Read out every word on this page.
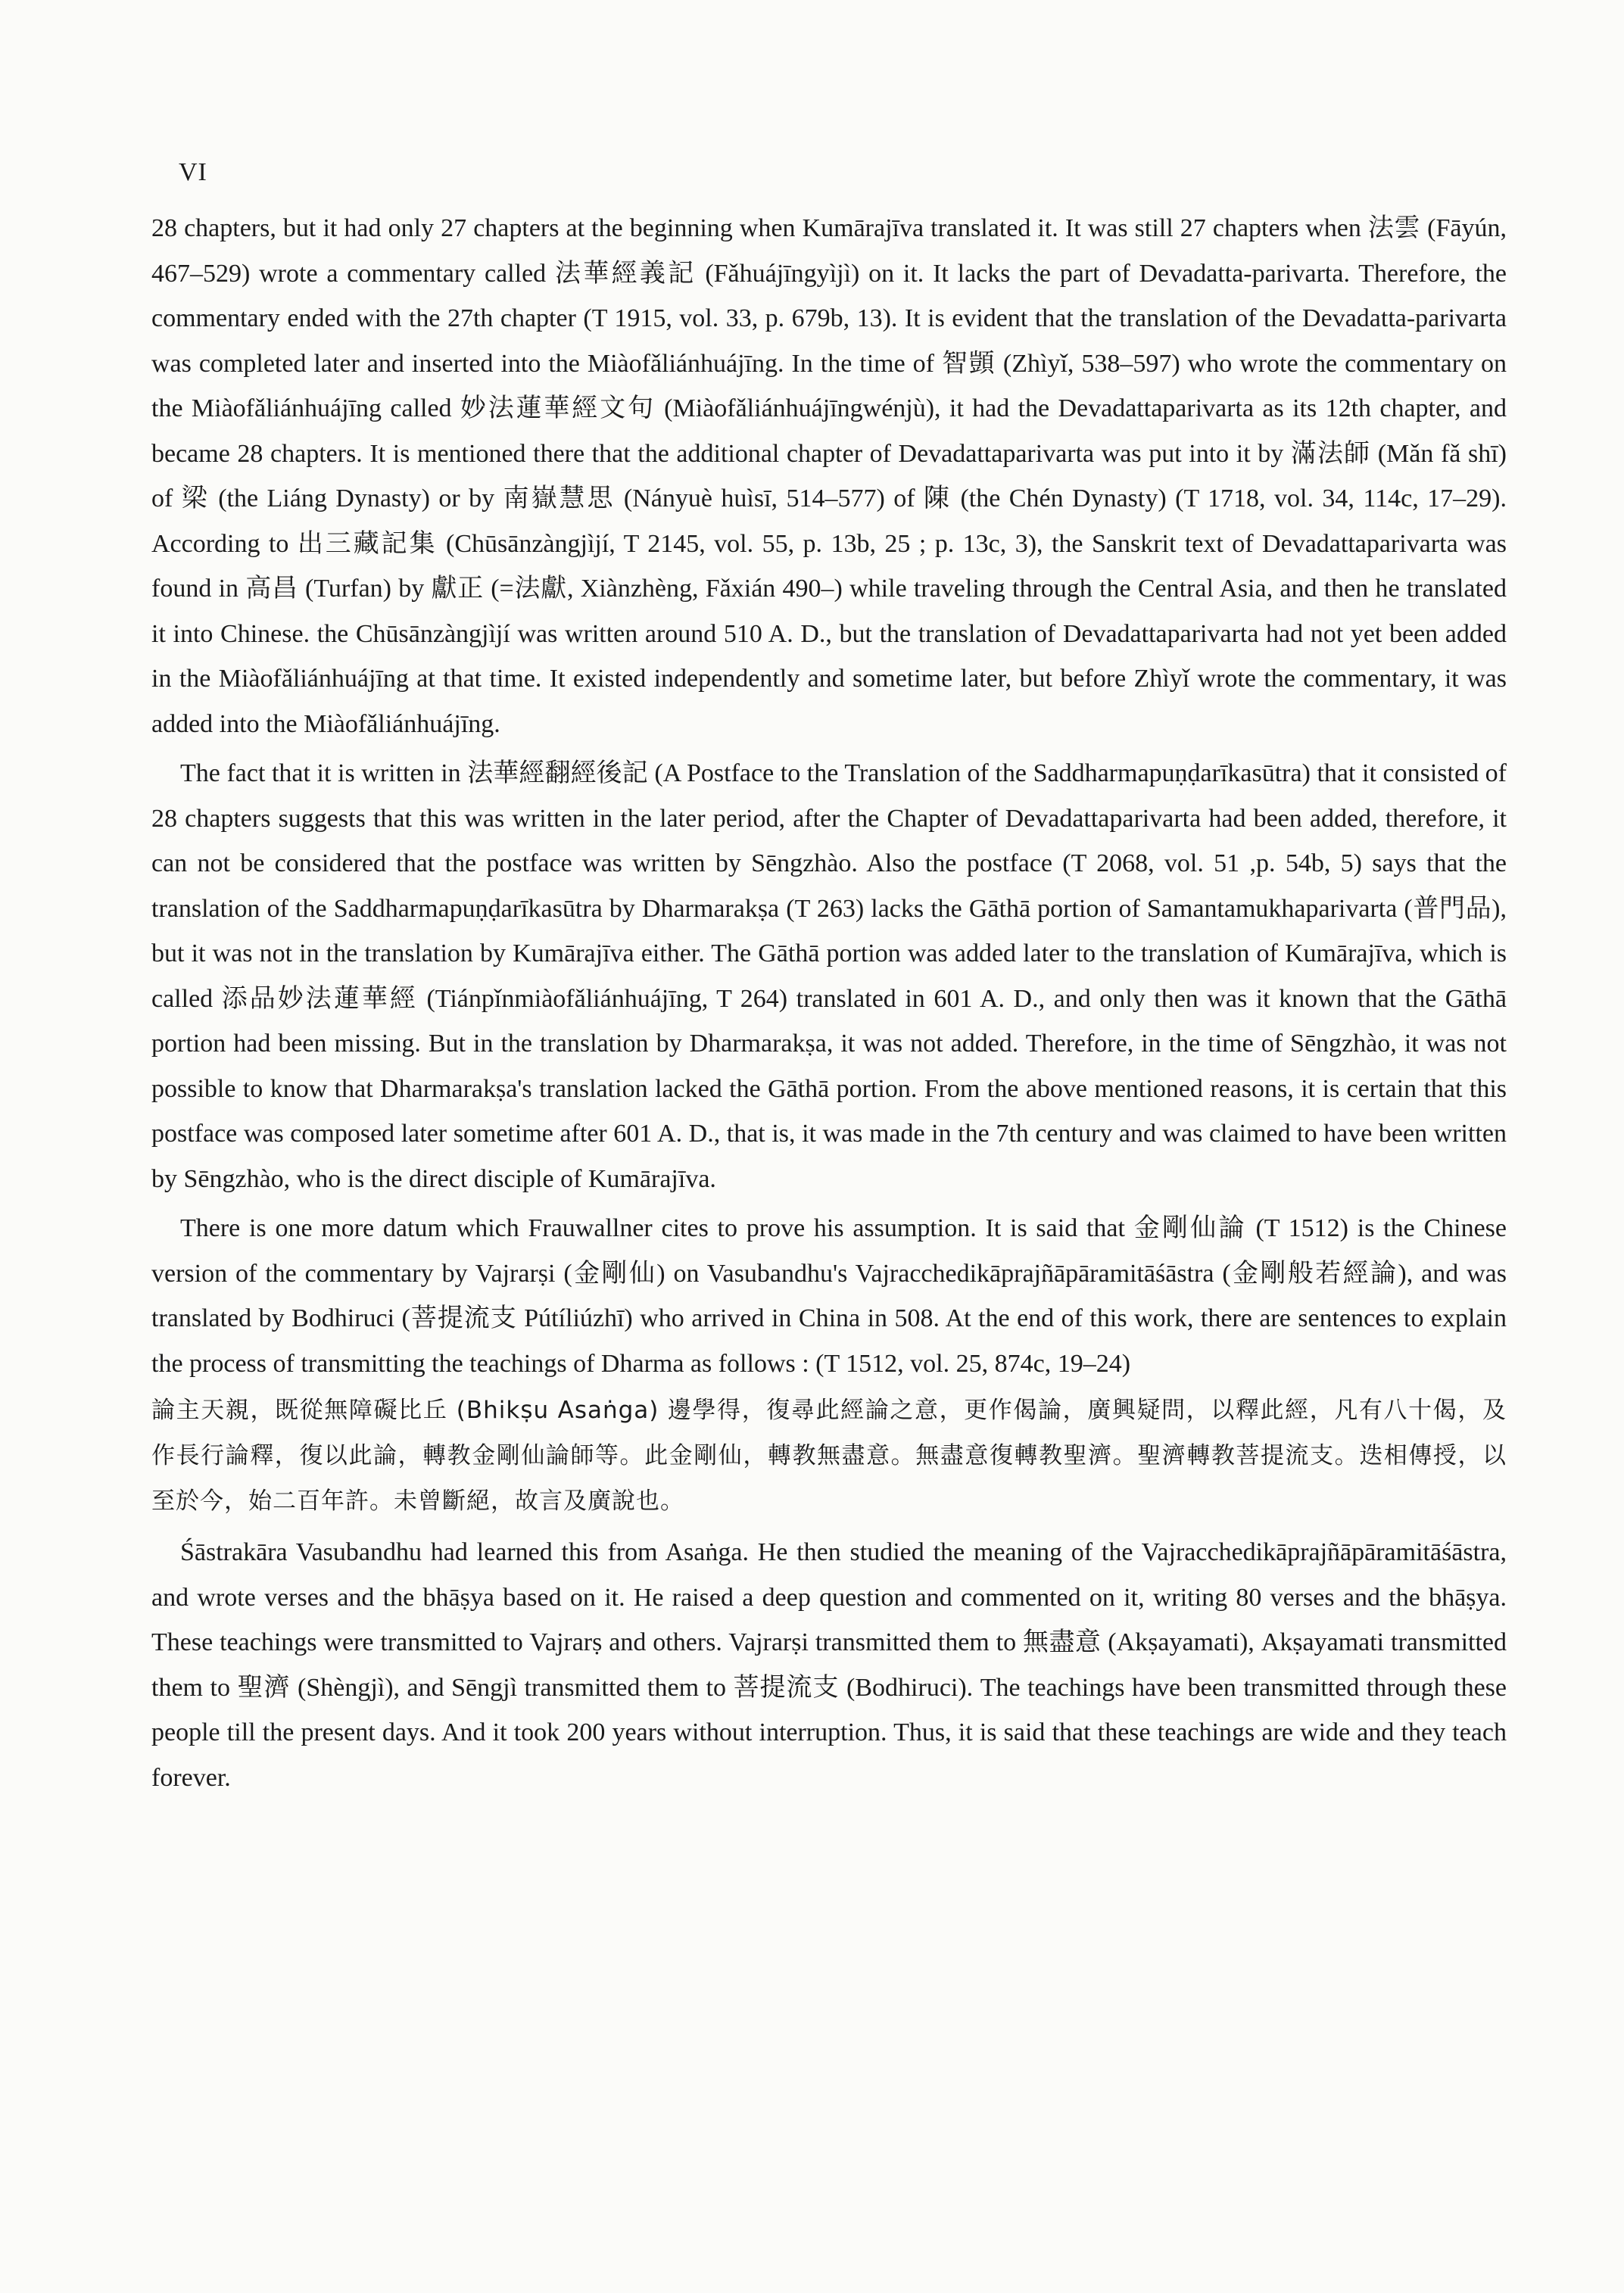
VI

28 chapters, but it had only 27 chapters at the beginning when Kumārajīva translated it. It was still 27 chapters when 法雲 (Fāyún, 467–529) wrote a commentary called 法華經義記 (Fǎhuájīngyìjì) on it. It lacks the part of Devadatta-parivarta. Therefore, the commentary ended with the 27th chapter (T 1915, vol. 33, p. 679b, 13). It is evident that the translation of the Devadatta-parivarta was completed later and inserted into the Miàofǎliánhuájīng. In the time of 智顗 (Zhìyǐ, 538–597) who wrote the commentary on the Miàofǎliánhuájīng called 妙法蓮華經文句 (Miàofǎliánhuájīngwénjù), it had the Devadattaparivarta as its 12th chapter, and became 28 chapters. It is mentioned there that the additional chapter of Devadattaparivarta was put into it by 滿法師 (Mǎn fǎ shī) of 梁 (the Liáng Dynasty) or by 南嶽慧思 (Nányuè huìsī, 514–577) of 陳 (the Chén Dynasty) (T 1718, vol. 34, 114c, 17–29). According to 出三藏記集 (Chūsānzàngjìjí, T 2145, vol. 55, p. 13b, 25 ; p. 13c, 3), the Sanskrit text of Devadattaparivarta was found in 高昌 (Turfan) by 獻正 (=法獻, Xiànzhèng, Fǎxián 490–) while traveling through the Central Asia, and then he translated it into Chinese. the Chūsānzàngjìjí was written around 510 A. D., but the translation of Devadattaparivarta had not yet been added in the Miàofǎliánhuájīng at that time. It existed independently and sometime later, but before Zhìyǐ wrote the commentary, it was added into the Miàofǎliánhuájīng.

The fact that it is written in 法華經翻經後記 (A Postface to the Translation of the Saddharmapuṇḍarīkasūtra) that it consisted of 28 chapters suggests that this was written in the later period, after the Chapter of Devadattaparivarta had been added, therefore, it can not be considered that the postface was written by Sēngzhào. Also the postface (T 2068, vol. 51 ,p. 54b, 5) says that the translation of the Saddharmapuṇḍarīkasūtra by Dharmarakṣa (T 263) lacks the Gāthā portion of Samantamukhaparivarta (普門品), but it was not in the translation by Kumārajīva either. The Gāthā portion was added later to the translation of Kumārajīva, which is called 添品妙法蓮華經 (Tiánpǐnmiàofǎliánhuájīng, T 264) translated in 601 A. D., and only then was it known that the Gāthā portion had been missing. But in the translation by Dharmarakṣa, it was not added. Therefore, in the time of Sēngzhào, it was not possible to know that Dharmarakṣa's translation lacked the Gāthā portion. From the above mentioned reasons, it is certain that this postface was composed later sometime after 601 A. D., that is, it was made in the 7th century and was claimed to have been written by Sēngzhào, who is the direct disciple of Kumārajīva.

There is one more datum which Frauwallner cites to prove his assumption. It is said that 金剛仙論 (T 1512) is the Chinese version of the commentary by Vajrarṣi (金剛仙) on Vasubandhu's Vajracchedikāprajñāpāramitāśāstra (金剛般若經論), and was translated by Bodhiruci (菩提流支 Pútíliúzhī) who arrived in China in 508. At the end of this work, there are sentences to explain the process of transmitting the teachings of Dharma as follows : (T 1512, vol. 25, 874c, 19–24)

論主天親，既從無障礙比丘 (Bhikṣu Asaṅga) 邊學得，復尋此經論之意，更作偈論，廣興疑問，以釋此經，凡有八十偈，及作長行論釋，復以此論，轉教金剛仙論師等。此金剛仙，轉教無盡意。無盡意復轉教聖濟。聖濟轉教菩提流支。迭相傳授，以至於今，始二百年許。未曾斷絕，故言及廣說也。

Śāstrakāra Vasubandhu had learned this from Asaṅga. He then studied the meaning of the Vajracchedikāprajñāpāramitāśāstra, and wrote verses and the bhāṣya based on it. He raised a deep question and commented on it, writing 80 verses and the bhāṣya. These teachings were transmitted to Vajrarṣ and others. Vajrarṣi transmitted them to 無盡意 (Akṣayamati), Akṣayamati transmitted them to 聖濟 (Shèngjì), and Sēngjì transmitted them to 菩提流支 (Bodhiruci). The teachings have been transmitted through these people till the present days. And it took 200 years without interruption. Thus, it is said that these teachings are wide and they teach forever.
